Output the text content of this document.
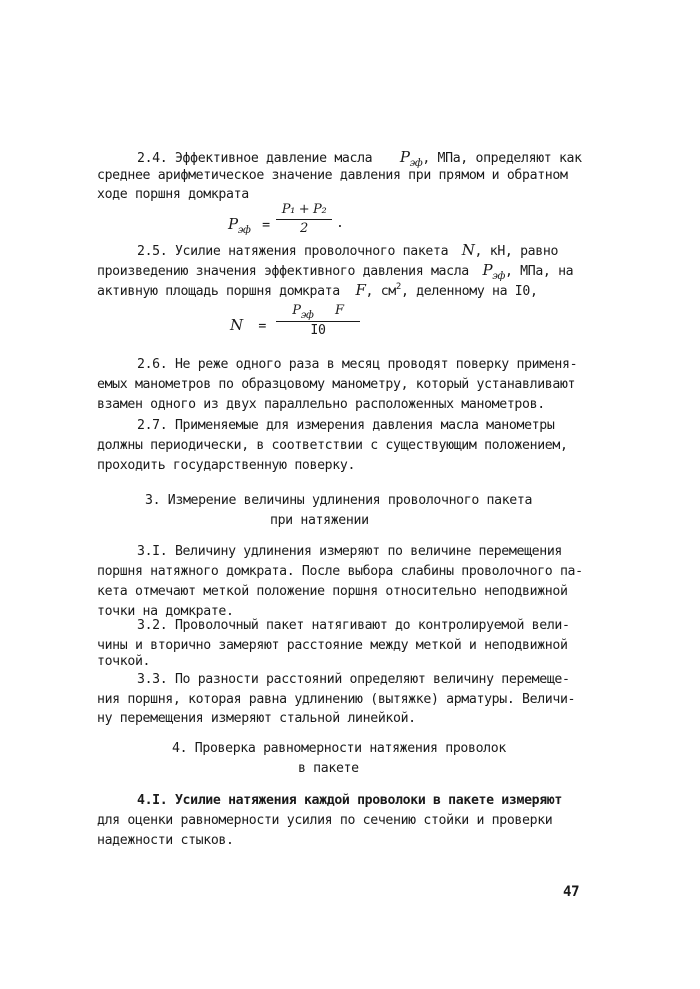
2.4. Эффективное давление масла $P_{эф}$, МПа, определяют как
среднее арифметическое значение давления при прямом и обратном
ходе поршня домкрата
$P_{эф}$ =
P₁ + P₂
2	.
2.5. Усилие натяжения проволочного пакета N, кН, равно
произведению значения эффективного давления масла $P_{эф}$, МПа, на
активную площадь поршня домкрата F, $см^2$, деленному на I0,
N =
$P_{эф}$ F
I0
2.6. Не реже одного раза в месяц проводят поверку применя-
емых манометров по образцовому манометру, который устанавливают
взамен одного из двух параллельно расположенных манометров.
2.7. Применяемые для измерения давления масла манометры
должны периодически, в соответствии с существующим положением,
проходить государственную поверку.
3. Измерение величины удлинения проволочного пакета
при натяжении
3.I. Величину удлинения измеряют по величине перемещения
поршня натяжного домкрата. После выбора слабины проволочного па-
кета отмечают меткой положение поршня относительно неподвижной
точки на домкрате.
3.2. Проволочный пакет натягивают до контролируемой вели-
чины и вторично замеряют расстояние между меткой и неподвижной
точкой.
3.3. По разности расстояний определяют величину перемеще-
ния поршня, которая равна удлинению (вытяжке) арматуры. Величи-
ну перемещения измеряют стальной линейкой.
4. Проверка равномерности натяжения проволок
в пакете
4.I. Усилие натяжения каждой проволоки в пакете измеряют
для оценки равномерности усилия по сечению стойки и проверки
надежности стыков.
47
